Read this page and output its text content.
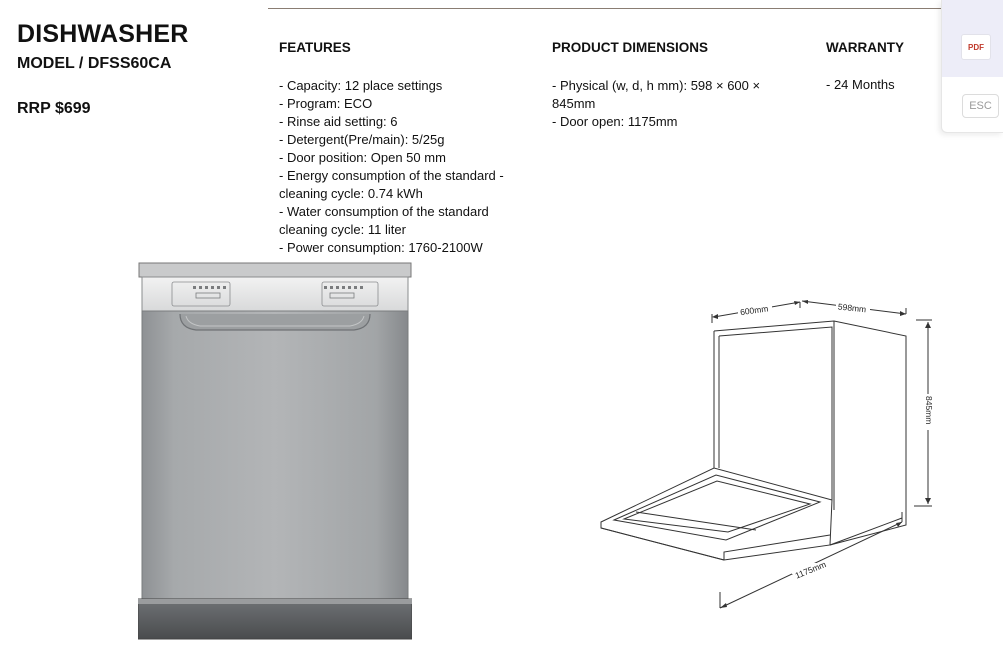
DISHWASHER
MODEL / DFSS60CA
RRP $699
FEATURES
- Capacity: 12 place settings
- Program: ECO
- Rinse aid setting: 6
- Detergent(Pre/main): 5/25g
- Door position: Open 50 mm
- Energy consumption of the standard - cleaning cycle: 0.74 kWh
- Water consumption of the standard cleaning cycle: 11 liter
- Power consumption: 1760-2100W
PRODUCT DIMENSIONS
- Physical (w, d, h mm): 598 × 600 × 845mm
- Door open: 1175mm
WARRANTY
- 24 Months
600mm	598mm
845mm
1175mm
PDF
ESC
